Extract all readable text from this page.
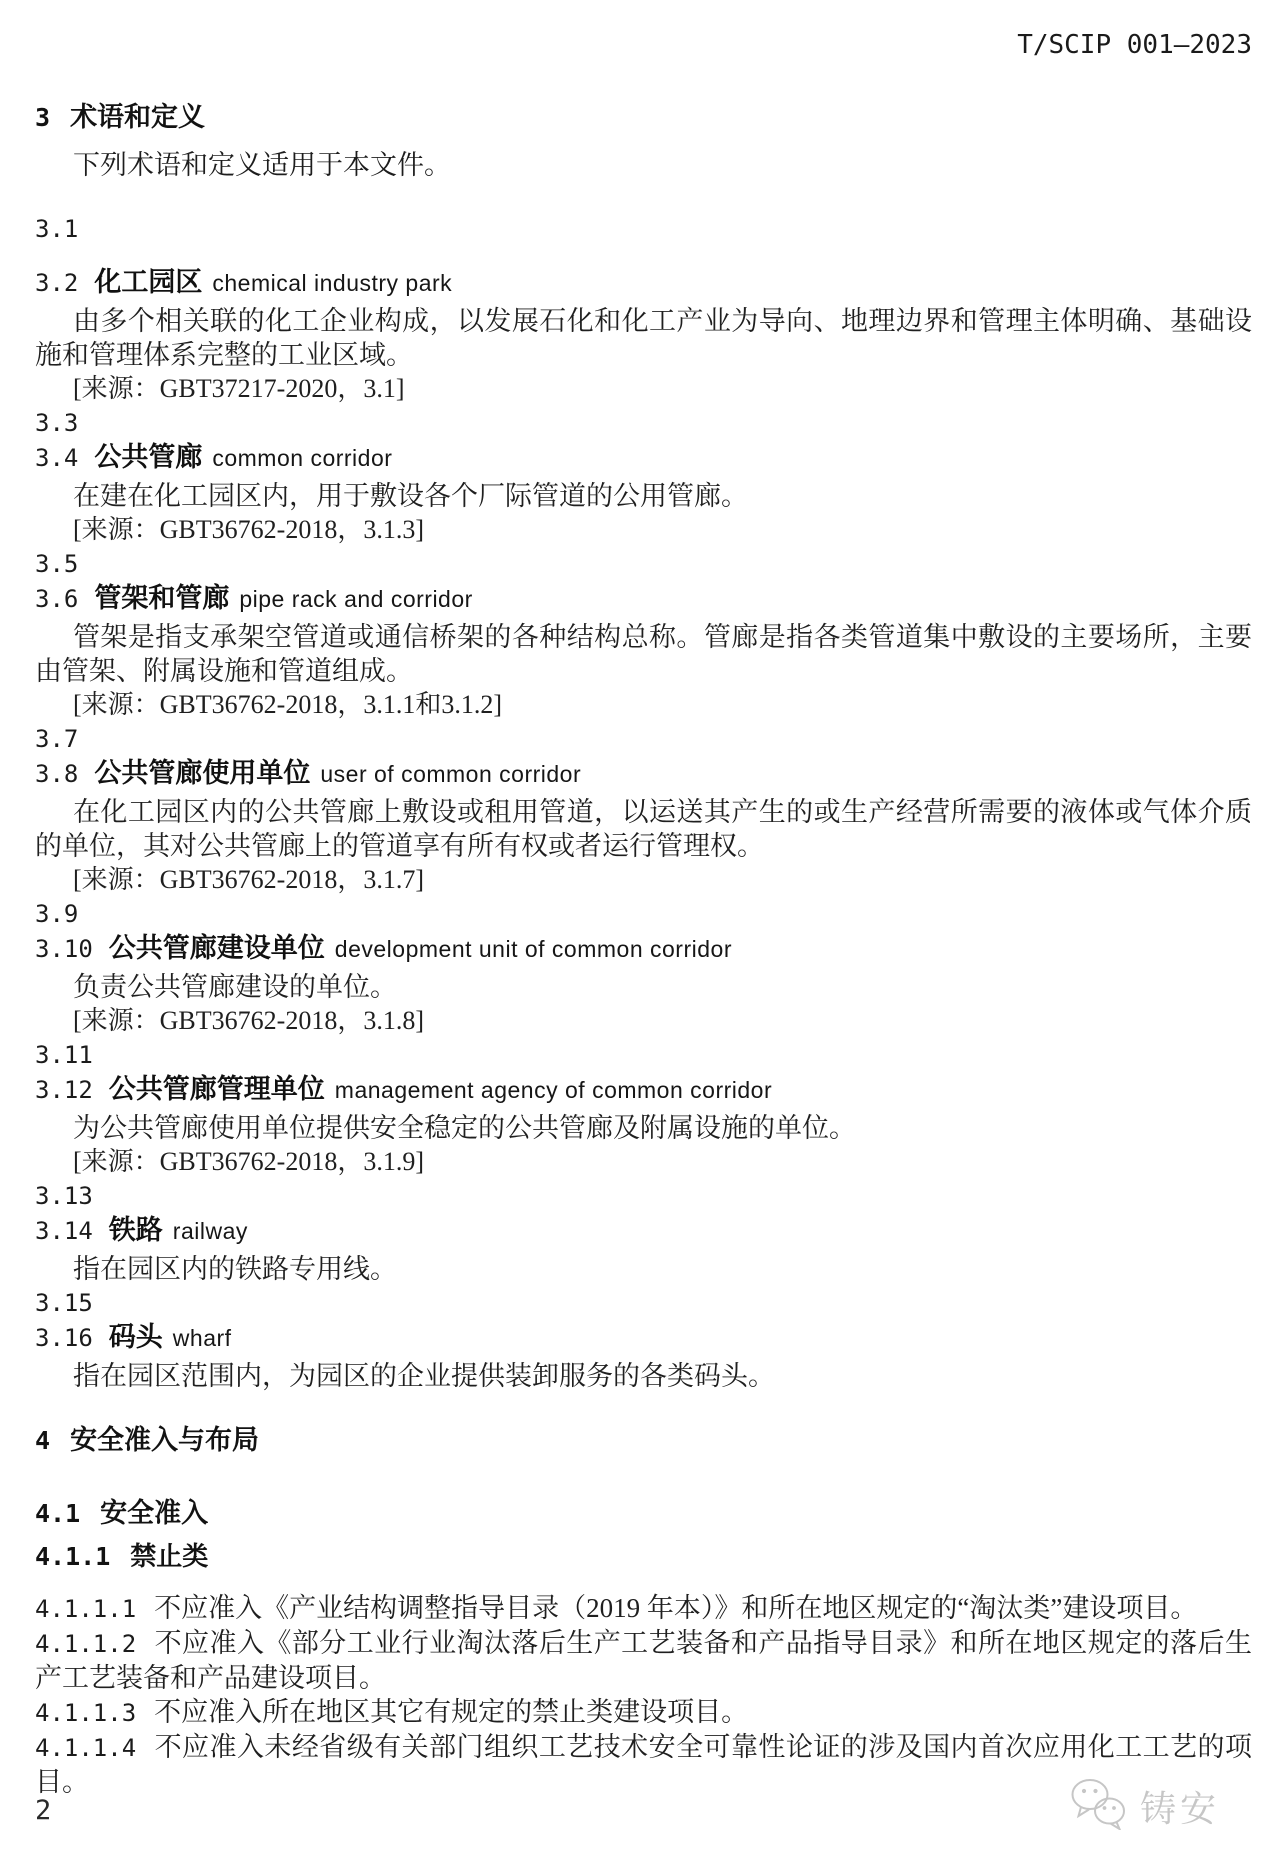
T/SCIP 001—2023
3 术语和定义

下列术语和定义适用于本文件。

3.1
3.2 化工园区 chemical industry park

由多个相关联的化工企业构成，以发展石化和化工产业为导向、地理边界和管理主体明确、基础设施和管理体系完整的工业区域。

[来源：GBT37217-2020，3.1]
3.3
3.4 公共管廊 common corridor

在建在化工园区内，用于敷设各个厂际管道的公用管廊。

[来源：GBT36762-2018，3.1.3]
3.5
3.6 管架和管廊 pipe rack and corridor

管架是指支承架空管道或通信桥架的各种结构总称。管廊是指各类管道集中敷设的主要场所，主要由管架、附属设施和管道组成。

[来源：GBT36762-2018，3.1.1和3.1.2]
3.7
3.8 公共管廊使用单位 user of common corridor

在化工园区内的公共管廊上敷设或租用管道，以运送其产生的或生产经营所需要的液体或气体介质的单位，其对公共管廊上的管道享有所有权或者运行管理权。

[来源：GBT36762-2018，3.1.7]
3.9
3.10 公共管廊建设单位 development unit of common corridor

负责公共管廊建设的单位。

[来源：GBT36762-2018，3.1.8]
3.11
3.12 公共管廊管理单位 management agency of common corridor

为公共管廊使用单位提供安全稳定的公共管廊及附属设施的单位。

[来源：GBT36762-2018，3.1.9]
3.13
3.14 铁路 railway

指在园区内的铁路专用线。

3.15
3.16 码头 wharf

指在园区范围内，为园区的企业提供装卸服务的各类码头。

4 安全准入与布局
4.1 安全准入
4.1.1 禁止类

4.1.1.1 不应准入《产业结构调整指导目录（2019 年本）》和所在地区规定的“淘汰类”建设项目。

4.1.1.2 不应准入《部分工业行业淘汰落后生产工艺装备和产品指导目录》和所在地区规定的落后生产工艺装备和产品建设项目。

4.1.1.3 不应准入所在地区其它有规定的禁止类建设项目。

4.1.1.4 不应准入未经省级有关部门组织工艺技术安全可靠性论证的涉及国内首次应用化工工艺的项目。

2	铸安
